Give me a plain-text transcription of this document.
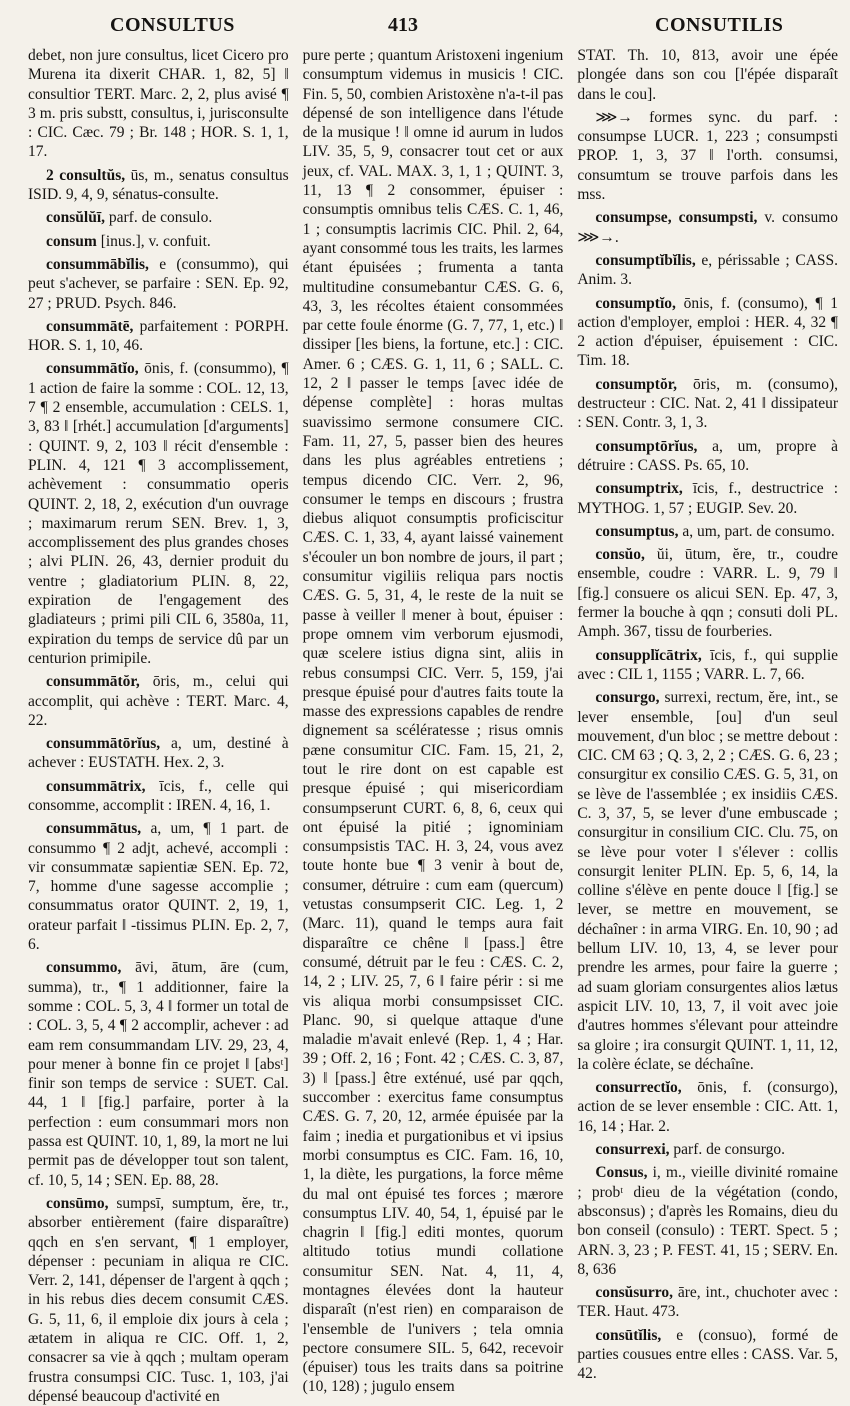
CONSULTUS	413	CONSUTILIS

debet, non jure consultus, licet Cicero pro Murena ita dixerit CHAR. 1, 82, 5] ‖ consultior TERT. Marc. 2, 2, plus avisé ¶ 3 m. pris substt, consultus, i, jurisconsulte : CIC. Cæc. 79 ; Br. 148 ; HOR. S. 1, 1, 17.

2 consultŭs, ūs, m., senatus consultus ISID. 9, 4, 9, sénatus-consulte.

consŭlŭī, parf. de consulo.

consum [inus.], v. confuit.

consummābĭlis, e (consummo), qui peut s'achever, se parfaire : SEN. Ep. 92, 27 ; PRUD. Psych. 846.

consummātē, parfaitement : PORPH. HOR. S. 1, 10, 46.

consummātĭo, ōnis, f. (consummo), ¶ 1 action de faire la somme : COL. 12, 13, 7 ¶ 2 ensemble, accumulation : CELS. 1, 3, 83 ‖ [rhét.] accumulation [d'arguments] : QUINT. 9, 2, 103 ‖ récit d'ensemble : PLIN. 4, 121 ¶ 3 accomplissement, achèvement : consummatio operis QUINT. 2, 18, 2, exécution d'un ouvrage ; maximarum rerum SEN. Brev. 1, 3, accomplissement des plus grandes choses ; alvi PLIN. 26, 43, dernier produit du ventre ; gladiatorium PLIN. 8, 22, expiration de l'engagement des gladiateurs ; primi pili CIL 6, 3580a, 11, expiration du temps de service dû par un centurion primipile.

consummātŏr, ōris, m., celui qui accomplit, qui achève : TERT. Marc. 4, 22.

consummātōrĭus, a, um, destiné à achever : EUSTATH. Hex. 2, 3.

consummātrix, īcis, f., celle qui consomme, accomplit : IREN. 4, 16, 1.

consummātus, a, um, ¶ 1 part. de consummo ¶ 2 adjt, achevé, accompli : vir consummatæ sapientiæ SEN. Ep. 72, 7, homme d'une sagesse accomplie ; consummatus orator QUINT. 2, 19, 1, orateur parfait ‖ -tissimus PLIN. Ep. 2, 7, 6.

consummo, āvi, ātum, āre (cum, summa), tr., ¶ 1 additionner, faire la somme : COL. 5, 3, 4 ‖ former un total de : COL. 3, 5, 4 ¶ 2 accomplir, achever : ad eam rem consummandam LIV. 29, 23, 4, pour mener à bonne fin ce projet ‖ [absᵗ] finir son temps de service : SUET. Cal. 44, 1 ‖ [fig.] parfaire, porter à la perfection : eum consummari mors non passa est QUINT. 10, 1, 89, la mort ne lui permit pas de développer tout son talent, cf. 10, 5, 14 ; SEN. Ep. 88, 28.

consūmo, sumpsī, sumptum, ĕre, tr., absorber entièrement (faire disparaître) qqch en s'en servant, ¶ 1 employer, dépenser : pecuniam in aliqua re CIC. Verr. 2, 141, dépenser de l'argent à qqch ; in his rebus dies decem consumit CÆS. G. 5, 11, 6, il emploie dix jours à cela ; ætatem in aliqua re CIC. Off. 1, 2, consacrer sa vie à qqch ; multam operam frustra consumpsi CIC. Tusc. 1, 103, j'ai dépensé beaucoup d'activité en

pure perte ; quantum Aristoxeni ingenium consumptum videmus in musicis ! CIC. Fin. 5, 50, combien Aristoxène n'a-t-il pas dépensé de son intelligence dans l'étude de la musique ! ‖ omne id aurum in ludos LIV. 35, 5, 9, consacrer tout cet or aux jeux, cf. VAL. MAX. 3, 1, 1 ; QUINT. 3, 11, 13 ¶ 2 consommer, épuiser : consumptis omnibus telis CÆS. C. 1, 46, 1 ; consumptis lacrimis CIC. Phil. 2, 64, ayant consommé tous les traits, les larmes étant épuisées ; frumenta a tanta multitudine consumebantur CÆS. G. 6, 43, 3, les récoltes étaient consommées par cette foule énorme (G. 7, 77, 1, etc.) ‖ dissiper [les biens, la fortune, etc.] : CIC. Amer. 6 ; CÆS. G. 1, 11, 6 ; SALL. C. 12, 2 ‖ passer le temps [avec idée de dépense complète] : horas multas suavissimo sermone consumere CIC. Fam. 11, 27, 5, passer bien des heures dans les plus agréables entretiens ; tempus dicendo CIC. Verr. 2, 96, consumer le temps en discours ; frustra diebus aliquot consumptis proficiscitur CÆS. C. 1, 33, 4, ayant laissé vainement s'écouler un bon nombre de jours, il part ; consumitur vigiliis reliqua pars noctis CÆS. G. 5, 31, 4, le reste de la nuit se passe à veiller ‖ mener à bout, épuiser : prope omnem vim verborum ejusmodi, quæ scelere istius digna sint, aliis in rebus consumpsi CIC. Verr. 5, 159, j'ai presque épuisé pour d'autres faits toute la masse des expressions capables de rendre dignement sa scélératesse ; risus omnis pæne consumitur CIC. Fam. 15, 21, 2, tout le rire dont on est capable est presque épuisé ; qui misericordiam consumpserunt CURT. 6, 8, 6, ceux qui ont épuisé la pitié ; ignominiam consumpsistis TAC. H. 3, 24, vous avez toute honte bue ¶ 3 venir à bout de, consumer, détruire : cum eam (quercum) vetustas consumpserit CIC. Leg. 1, 2 (Marc. 11), quand le temps aura fait disparaître ce chêne ‖ [pass.] être consumé, détruit par le feu : CÆS. C. 2, 14, 2 ; LIV. 25, 7, 6 ‖ faire périr : si me vis aliqua morbi consumpsisset CIC. Planc. 90, si quelque attaque d'une maladie m'avait enlevé (Rep. 1, 4 ; Har. 39 ; Off. 2, 16 ; Font. 42 ; CÆS. C. 3, 87, 3) ‖ [pass.] être exténué, usé par qqch, succomber : exercitus fame consumptus CÆS. G. 7, 20, 12, armée épuisée par la faim ; inedia et purgationibus et vi ipsius morbi consumptus es CIC. Fam. 16, 10, 1, la diète, les purgations, la force même du mal ont épuisé tes forces ; mærore consumptus LIV. 40, 54, 1, épuisé par le chagrin ‖ [fig.] editi montes, quorum altitudo totius mundi collatione consumitur SEN. Nat. 4, 11, 4, montagnes élevées dont la hauteur disparaît (n'est rien) en comparaison de l'ensemble de l'univers ; tela omnia pectore consumere SIL. 5, 642, recevoir (épuiser) tous les traits dans sa poitrine (10, 128) ; jugulo ensem

STAT. Th. 10, 813, avoir une épée plongée dans son cou [l'épée disparaît dans le cou].

⋙→ formes sync. du parf. : consumpse LUCR. 1, 223 ; consumpsti PROP. 1, 3, 37 ‖ l'orth. consumsi, consumtum se trouve parfois dans les mss.

consumpse, consumpsti, v. consumo ⋙→.

consumptĭbĭlis, e, périssable ; CASS. Anim. 3.

consumptĭo, ōnis, f. (consumo), ¶ 1 action d'employer, emploi : HER. 4, 32 ¶ 2 action d'épuiser, épuisement : CIC. Tim. 18.

consumptŏr, ōris, m. (consumo), destructeur : CIC. Nat. 2, 41 ‖ dissipateur : SEN. Contr. 3, 1, 3.

consumptōrĭus, a, um, propre à détruire : CASS. Ps. 65, 10.

consumptrix, īcis, f., destructrice : MYTHOG. 1, 57 ; EUGIP. Sev. 20.

consumptus, a, um, part. de consumo.

consŭo, ŭi, ūtum, ĕre, tr., coudre ensemble, coudre : VARR. L. 9, 79 ‖ [fig.] consuere os alicui SEN. Ep. 47, 3, fermer la bouche à qqn ; consuti doli PL. Amph. 367, tissu de fourberies.

consupplĭcātrix, īcis, f., qui supplie avec : CIL 1, 1155 ; VARR. L. 7, 66.

consurgo, surrexi, rectum, ĕre, int., se lever ensemble, [ou] d'un seul mouvement, d'un bloc ; se mettre debout : CIC. CM 63 ; Q. 3, 2, 2 ; CÆS. G. 6, 23 ; consurgitur ex consilio CÆS. G. 5, 31, on se lève de l'assemblée ; ex insidiis CÆS. C. 3, 37, 5, se lever d'une embuscade ; consurgitur in consilium CIC. Clu. 75, on se lève pour voter ‖ s'élever : collis consurgit leniter PLIN. Ep. 5, 6, 14, la colline s'élève en pente douce ‖ [fig.] se lever, se mettre en mouvement, se déchaîner : in arma VIRG. En. 10, 90 ; ad bellum LIV. 10, 13, 4, se lever pour prendre les armes, pour faire la guerre ; ad suam gloriam consurgentes alios lætus aspicit LIV. 10, 13, 7, il voit avec joie d'autres hommes s'élevant pour atteindre sa gloire ; ira consurgit QUINT. 1, 11, 12, la colère éclate, se déchaîne.

consurrectĭo, ōnis, f. (consurgo), action de se lever ensemble : CIC. Att. 1, 16, 14 ; Har. 2.

consurrexi, parf. de consurgo.

Consus, i, m., vieille divinité romaine ; probᵗ dieu de la végétation (condo, absconsus) ; d'après les Romains, dieu du bon conseil (consulo) : TERT. Spect. 5 ; ARN. 3, 23 ; P. FEST. 41, 15 ; SERV. En. 8, 636

consŭsurro, āre, int., chuchoter avec : TER. Haut. 473.

consūtĭlis, e (consuo), formé de parties cousues entre elles : CASS. Var. 5, 42.
